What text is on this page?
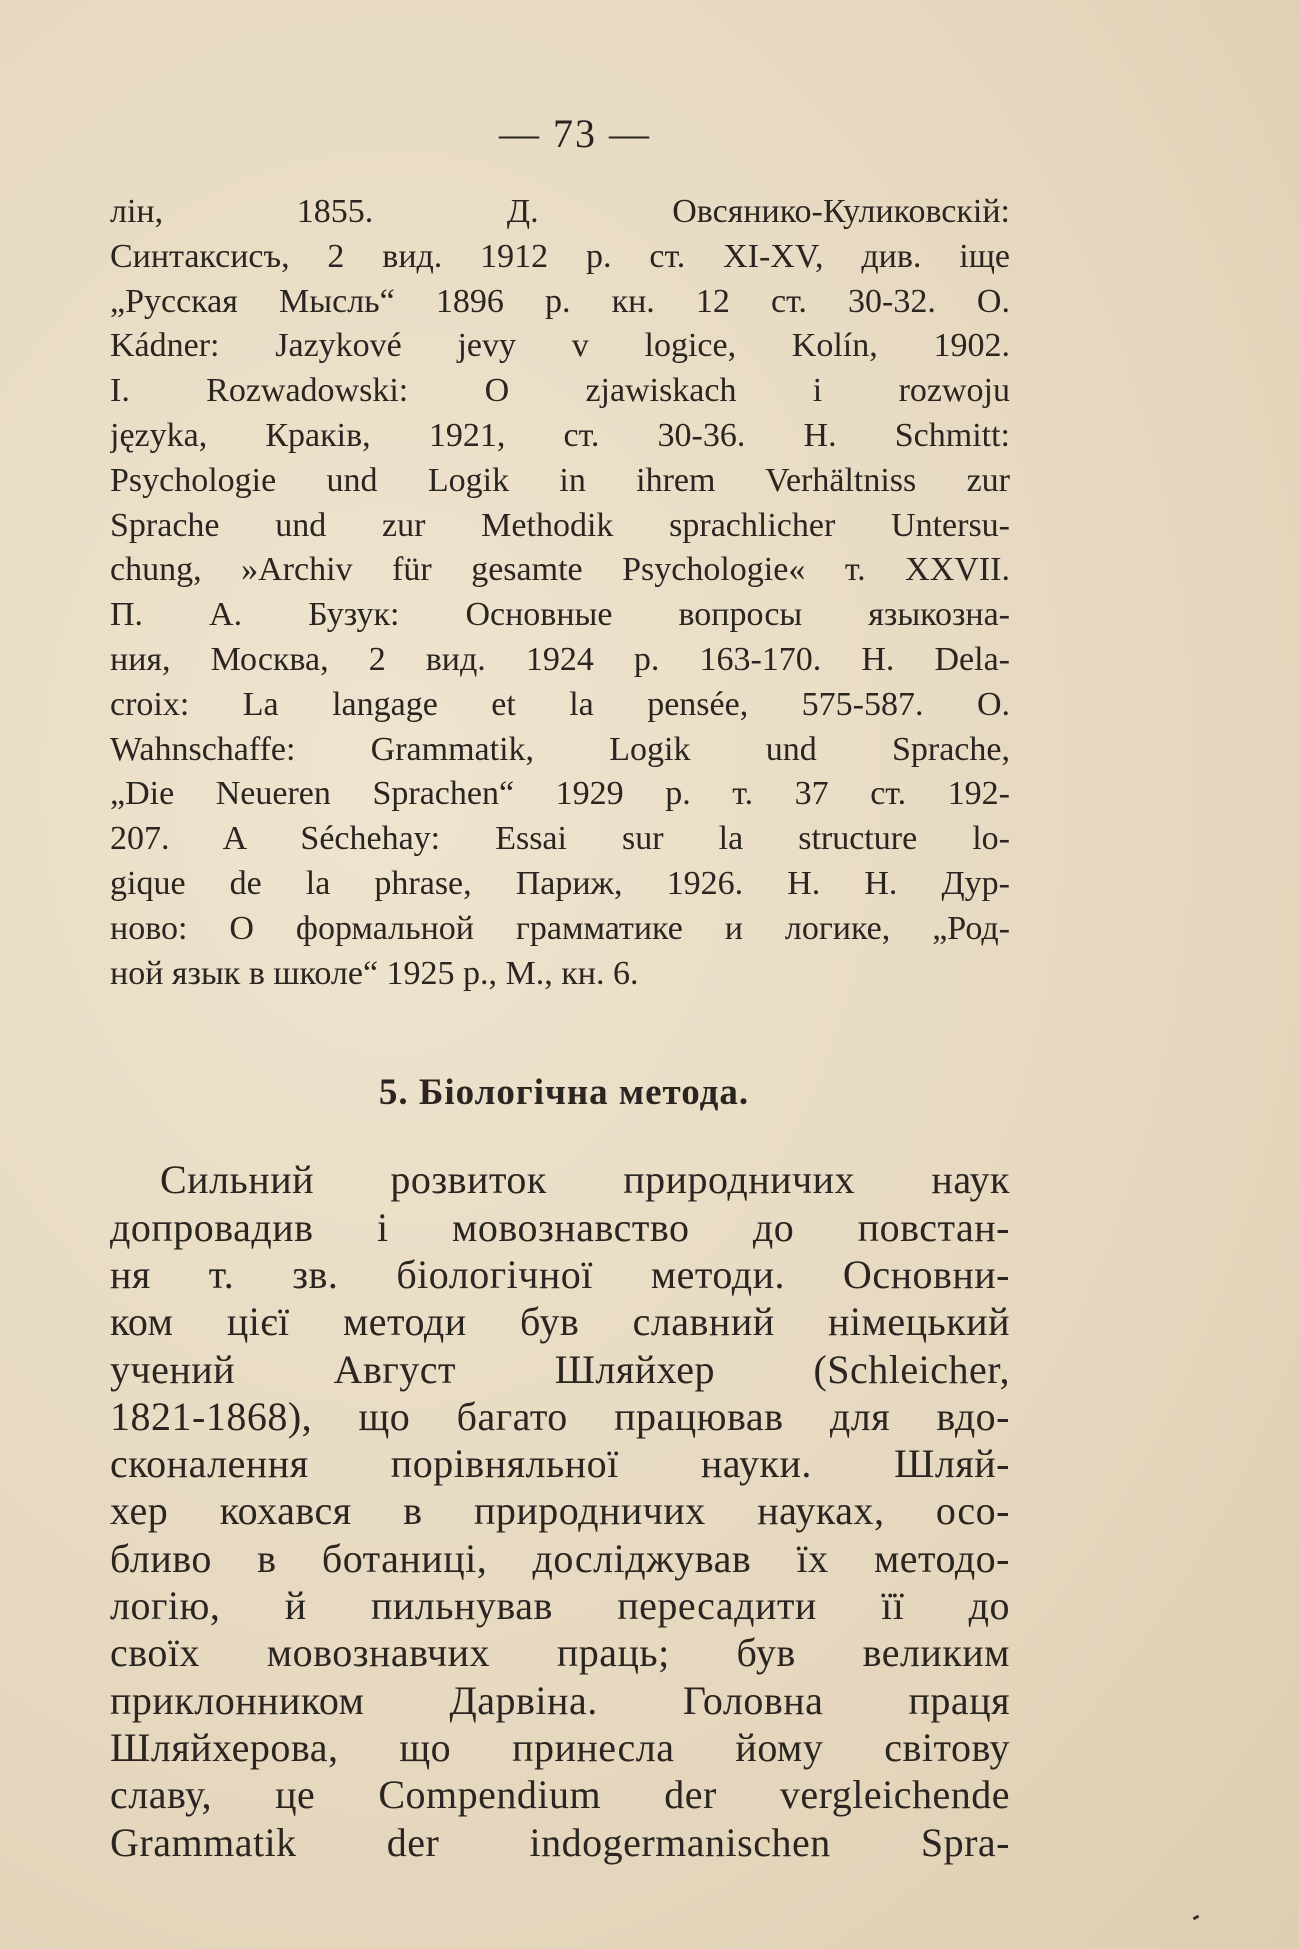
— 73 —
лін, 1855. Д. Овсянико-Куликовскій:
Синтаксисъ, 2 вид. 1912 р. ст. XI-XV, див. іще
„Русская Мысль“ 1896 р. кн. 12 ст. 30-32. О.
Kádner: Jazykové jevy v logice, Kolín, 1902.
I. Rozwadowski: O zjawiskach i rozwoju
języka, Краків, 1921, ст. 30-36. H. Schmitt:
Psychologie und Logik in ihrem Verhältniss zur
Sprache und zur Methodik sprachlicher Untersu-
chung, »Archiv für gesamte Psychologie« т. XXVII.
П. А. Бузук: Основные вопросы языкозна-
ния, Москва, 2 вид. 1924 р. 163-170. H. Dela-
croix: La langage et la pensée, 575-587. O.
Wahnschaffe: Grammatik, Logik und Sprache,
„Die Neueren Sprachen“ 1929 р. т. 37 ст. 192-
207. A Séchehay: Essai sur la structure lo-
gique de la phrase, Париж, 1926. Н. Н. Дур-
ново: О формальной грамматике и логике, „Род-
ной язык в школе“ 1925 р., М., кн. 6.
5. Біологічна метода.
Сильний розвиток природничих наук
допровадив і мовознавство до повстан-
ня т. зв. біологічної методи. Основни-
ком цієї методи був славний німецький
учений Август Шляйхер (Schleicher,
1821-1868), що багато працював для вдо-
сконалення порівняльної науки. Шляй-
хер кохався в природничих науках, осо-
бливо в ботаниці, досліджував їх методо-
логію, й пильнував пересадити її до
своїх мовознавчих праць; був великим
приклонником Дарвіна. Головна праця
Шляйхерова, що принесла йому світову
славу, це Compendium der vergleichende
Grammatik der indogermanischen Spra-
